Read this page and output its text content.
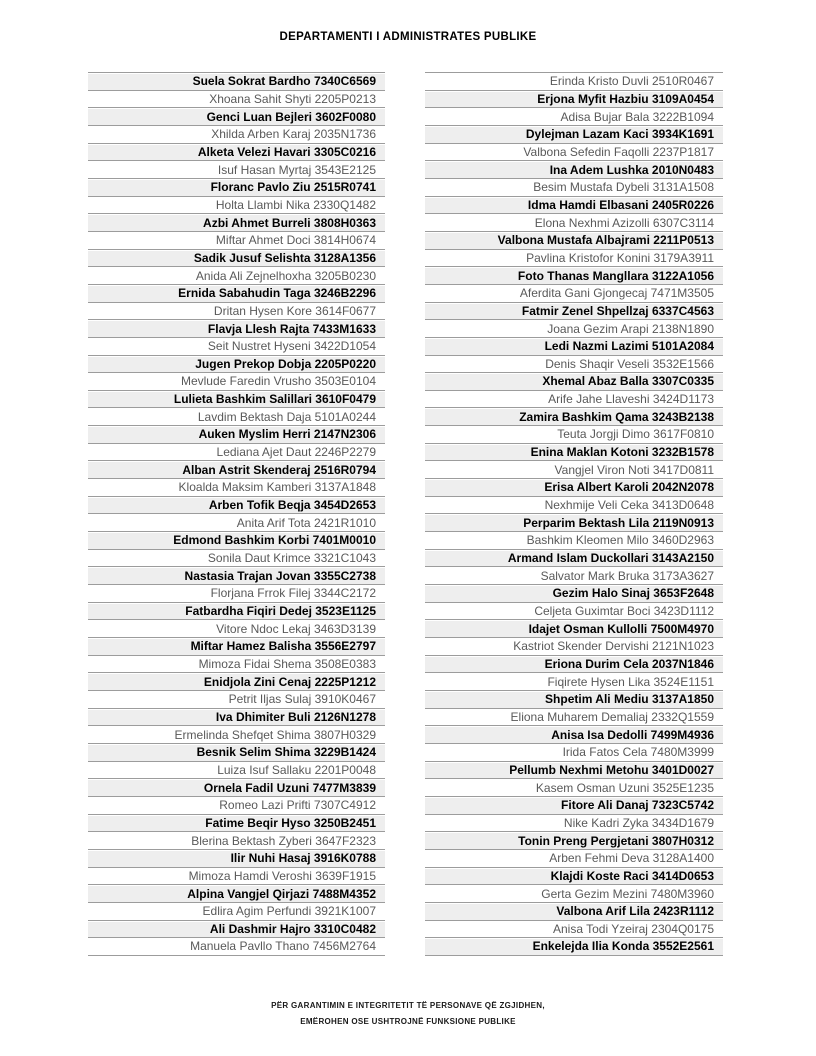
DEPARTAMENTI I ADMINISTRATES PUBLIKE
Suela Sokrat Bardho 7340C6569
Xhoana Sahit Shyti 2205P0213
Genci Luan Bejleri 3602F0080
Xhilda Arben Karaj 2035N1736
Alketa Velezi Havari 3305C0216
Isuf Hasan Myrtaj 3543E2125
Floranc Pavlo Ziu 2515R0741
Holta Llambi Nika 2330Q1482
Azbi Ahmet Burreli 3808H0363
Miftar Ahmet Doci 3814H0674
Sadik Jusuf Selishta 3128A1356
Anida Ali Zejnelhoxha 3205B0230
Ernida Sabahudin Taga 3246B2296
Dritan Hysen Kore 3614F0677
Flavja Llesh Rajta 7433M1633
Seit Nustret Hyseni 3422D1054
Jugen Prekop Dobja 2205P0220
Mevlude Faredin Vrusho 3503E0104
Lulieta Bashkim Salillari 3610F0479
Lavdim Bektash Daja 5101A0244
Auken Myslim Herri 2147N2306
Lediana Ajet Daut 2246P2279
Alban Astrit Skenderaj 2516R0794
Kloalda Maksim Kamberi 3137A1848
Arben Tofik Beqja 3454D2653
Anita Arif Tota 2421R1010
Edmond Bashkim Korbi 7401M0010
Sonila Daut Krimce 3321C1043
Nastasia Trajan Jovan 3355C2738
Florjana Frrok Filej 3344C2172
Fatbardha Fiqiri Dedej 3523E1125
Vitore Ndoc Lekaj 3463D3139
Miftar Hamez Balisha 3556E2797
Mimoza Fidai Shema 3508E0383
Enidjola Zini Cenaj 2225P1212
Petrit Iljas Sulaj 3910K0467
Iva Dhimiter Buli 2126N1278
Ermelinda Shefqet Shima 3807H0329
Besnik Selim Shima 3229B1424
Luiza Isuf Sallaku 2201P0048
Ornela Fadil Uzuni 7477M3839
Romeo Lazi Prifti 7307C4912
Fatime Beqir Hyso 3250B2451
Blerina Bektash Zyberi 3647F2323
Ilir Nuhi Hasaj 3916K0788
Mimoza Hamdi Veroshi 3639F1915
Alpina Vangjel Qirjazi 7488M4352
Edlira Agim Perfundi 3921K1007
Ali Dashmir Hajro 3310C0482
Manuela Pavllo Thano 7456M2764
Erinda Kristo Duvli 2510R0467
Erjona Myfit Hazbiu 3109A0454
Adisa Bujar Bala 3222B1094
Dylejman Lazam Kaci 3934K1691
Valbona Sefedin Faqolli 2237P1817
Ina Adem Lushka 2010N0483
Besim Mustafa Dybeli 3131A1508
Idma Hamdi Elbasani 2405R0226
Elona Nexhmi Azizolli 6307C3114
Valbona Mustafa Albajrami 2211P0513
Pavlina Kristofor Konini 3179A3911
Foto Thanas Mangllara 3122A1056
Aferdita Gani Gjongecaj 7471M3505
Fatmir Zenel Shpellzaj 6337C4563
Joana Gezim Arapi 2138N1890
Ledi Nazmi Lazimi 5101A2084
Denis Shaqir Veseli 3532E1566
Xhemal Abaz Balla 3307C0335
Arife Jahe Llaveshi 3424D1173
Zamira Bashkim Qama 3243B2138
Teuta Jorgji Dimo 3617F0810
Enina Maklan Kotoni 3232B1578
Vangjel Viron Noti 3417D0811
Erisa Albert Karoli 2042N2078
Nexhmije Veli Ceka 3413D0648
Perparim Bektash Lila 2119N0913
Bashkim Kleomen Milo 3460D2963
Armand Islam Duckollari 3143A2150
Salvator Mark Bruka 3173A3627
Gezim Halo Sinaj 3653F2648
Celjeta Guximtar Boci 3423D1112
Idajet Osman Kullolli 7500M4970
Kastriot Skender Dervishi 2121N1023
Eriona Durim Cela 2037N1846
Fiqirete Hysen Lika 3524E1151
Shpetim Ali Mediu 3137A1850
Eliona Muharem Demaliaj 2332Q1559
Anisa Isa Dedolli 7499M4936
Irida Fatos Cela 7480M3999
Pellumb Nexhmi Metohu 3401D0027
Kasem Osman Uzuni 3525E1235
Fitore Ali Danaj 7323C5742
Nike Kadri Zyka 3434D1679
Tonin Preng Pergjetani 3807H0312
Arben Fehmi Deva 3128A1400
Klajdi Koste Raci 3414D0653
Gerta Gezim Mezini 7480M3960
Valbona Arif Lila 2423R1112
Anisa Todi Yzeiraj 2304Q0175
Enkelejda Ilia Konda 3552E2561
PËR GARANTIMIN E INTEGRITETIT TË PERSONAVE QË ZGJIDHEN,
EMËROHEN OSE USHTROJNË FUNKSIONE PUBLIKE
